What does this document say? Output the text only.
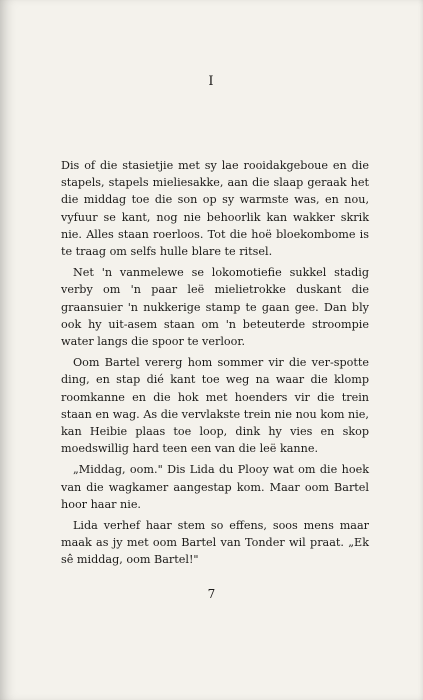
I

Dis of die stasietjie met sy lae rooidakgeboue en die stapels, stapels mieliesakke, aan die slaap geraak het die middag toe die son op sy warmste was, en nou, vyfuur se kant, nog nie behoorlik kan wakker skrik nie. Alles staan roerloos. Tot die hoë bloekombome is te traag om selfs hulle blare te ritsel.

Net 'n vanmelewe se lokomotiefie sukkel stadig verby om 'n paar leë mielietrokke duskant die graansuier 'n nukkerige stamp te gaan gee. Dan bly ook hy uit-asem staan om 'n beteuterde stroompie water langs die spoor te verloor.

Oom Bartel vererg hom sommer vir die ver-spotte ding, en stap dié kant toe weg na waar die klomp roomkanne en die hok met hoenders vir die trein staan en wag. As die vervlakste trein nie nou kom nie, kan Heibie plaas toe loop, dink hy vies en skop moedswillig hard teen een van die leë kanne.

„Middag, oom." Dis Lida du Plooy wat om die hoek van die wagkamer aangestap kom. Maar oom Bartel hoor haar nie.

Lida verhef haar stem so effens, soos mens maar maak as jy met oom Bartel van Tonder wil praat. „Ek sê middag, oom Bartel!"

7
